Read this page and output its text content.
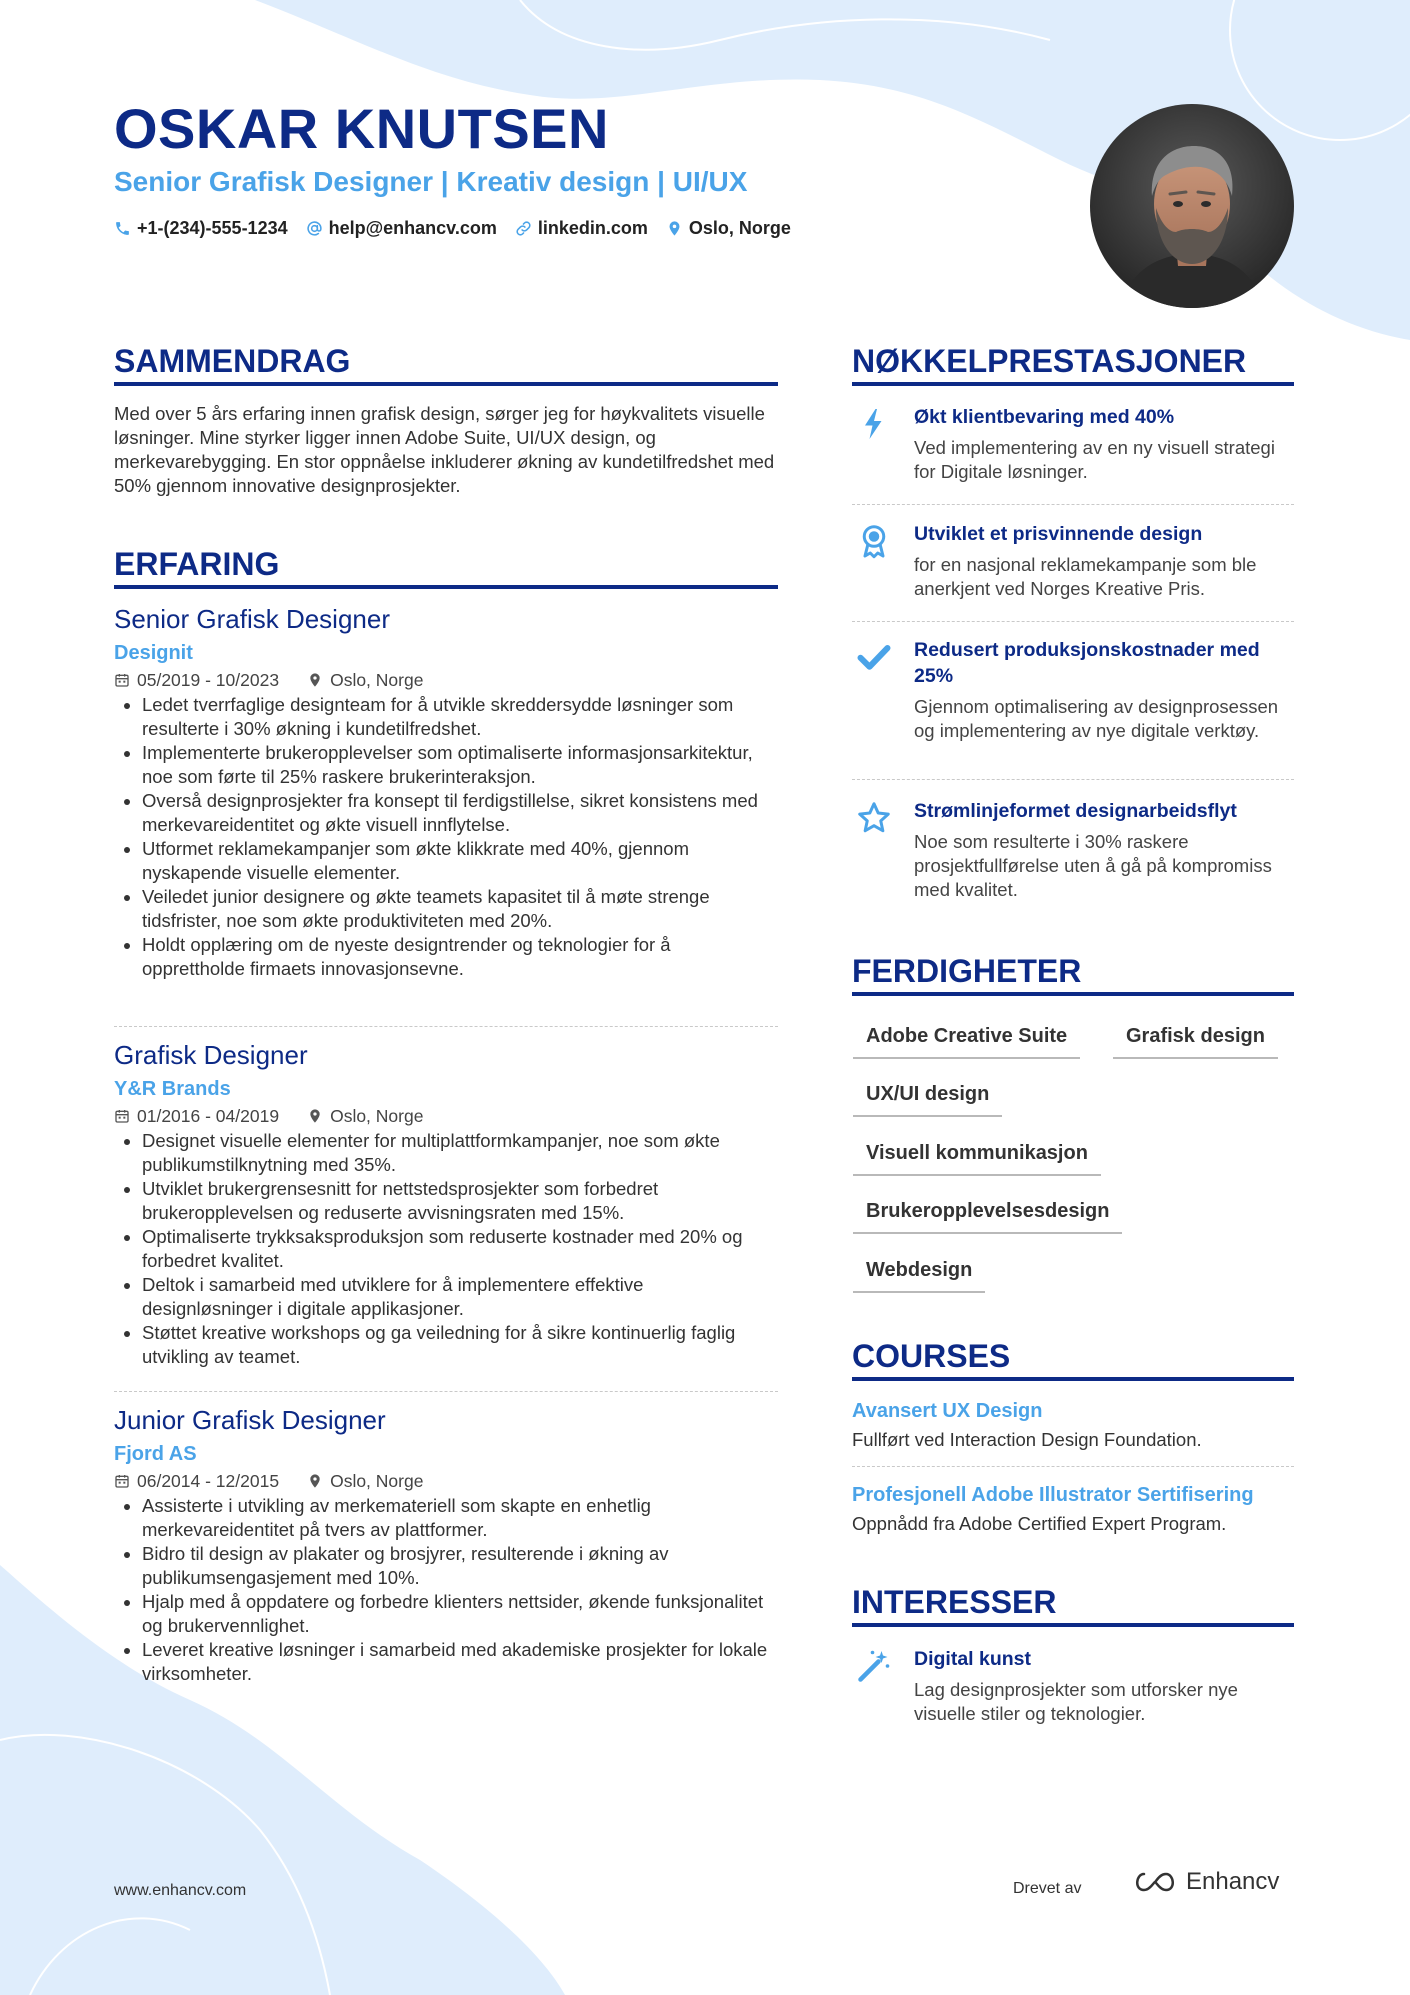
OSKAR KNUTSEN
Senior Grafisk Designer | Kreativ design | UI/UX
+1-(234)-555-1234 help@enhancv.com linkedin.com Oslo, Norge
SAMMENDRAG
Med over 5 års erfaring innen grafisk design, sørger jeg for høykvalitets visuelle løsninger. Mine styrker ligger innen Adobe Suite, UI/UX design, og merkevarebygging. En stor oppnåelse inkluderer økning av kundetilfredshet med 50% gjennom innovative designprosjekter.
ERFARING
Senior Grafisk Designer
Designit
05/2019 - 10/2023	Oslo, Norge
• Ledet tverrfaglige designteam for å utvikle skreddersydde løsninger som resulterte i 30% økning i kundetilfredshet.
• Implementerte brukeropplevelser som optimaliserte informasjonsarkitektur, noe som førte til 25% raskere brukerinteraksjon.
• Overså designprosjekter fra konsept til ferdigstillelse, sikret konsistens med merkevareidentitet og økte visuell innflytelse.
• Utformet reklamekampanjer som økte klikkrate med 40%, gjennom nyskapende visuelle elementer.
• Veiledet junior designere og økte teamets kapasitet til å møte strenge tidsfrister, noe som økte produktiviteten med 20%.
• Holdt opplæring om de nyeste designtrender og teknologier for å opprettholde firmaets innovasjonsevne.
Grafisk Designer
Y&R Brands
01/2016 - 04/2019	Oslo, Norge
• Designet visuelle elementer for multiplattformkampanjer, noe som økte publikumstilknytning med 35%.
• Utviklet brukergrensesnitt for nettstedsprosjekter som forbedret brukeropplevelsen og reduserte avvisningsraten med 15%.
• Optimaliserte trykksaksproduksjon som reduserte kostnader med 20% og forbedret kvalitet.
• Deltok i samarbeid med utviklere for å implementere effektive designløsninger i digitale applikasjoner.
• Støttet kreative workshops og ga veiledning for å sikre kontinuerlig faglig utvikling av teamet.
Junior Grafisk Designer
Fjord AS
06/2014 - 12/2015	Oslo, Norge
• Assisterte i utvikling av merkemateriell som skapte en enhetlig merkevareidentitet på tvers av plattformer.
• Bidro til design av plakater og brosjyrer, resulterende i økning av publikumsengasjement med 10%.
• Hjalp med å oppdatere og forbedre klienters nettsider, økende funksjonalitet og brukervennlighet.
• Leveret kreative løsninger i samarbeid med akademiske prosjekter for lokale virksomheter.
NØKKELPRESTASJONER
Økt klientbevaring med 40%
Ved implementering av en ny visuell strategi for Digitale løsninger.
Utviklet et prisvinnende design
for en nasjonal reklamekampanje som ble anerkjent ved Norges Kreative Pris.
Redusert produksjonskostnader med 25%
Gjennom optimalisering av designprosessen og implementering av nye digitale verktøy.
Strømlinjeformet designarbeidsflyt
Noe som resulterte i 30% raskere prosjektfullførelse uten å gå på kompromiss med kvalitet.
FERDIGHETER
Adobe Creative Suite	Grafisk design
UX/UI design
Visuell kommunikasjon
Brukeropplevelsesdesign
Webdesign
COURSES
Avansert UX Design
Fullført ved Interaction Design Foundation.
Profesjonell Adobe Illustrator Sertifisering
Oppnådd fra Adobe Certified Expert Program.
INTERESSER
Digital kunst
Lag designprosjekter som utforsker nye visuelle stiler og teknologier.
www.enhancv.com	Drevet av	Enhancv
